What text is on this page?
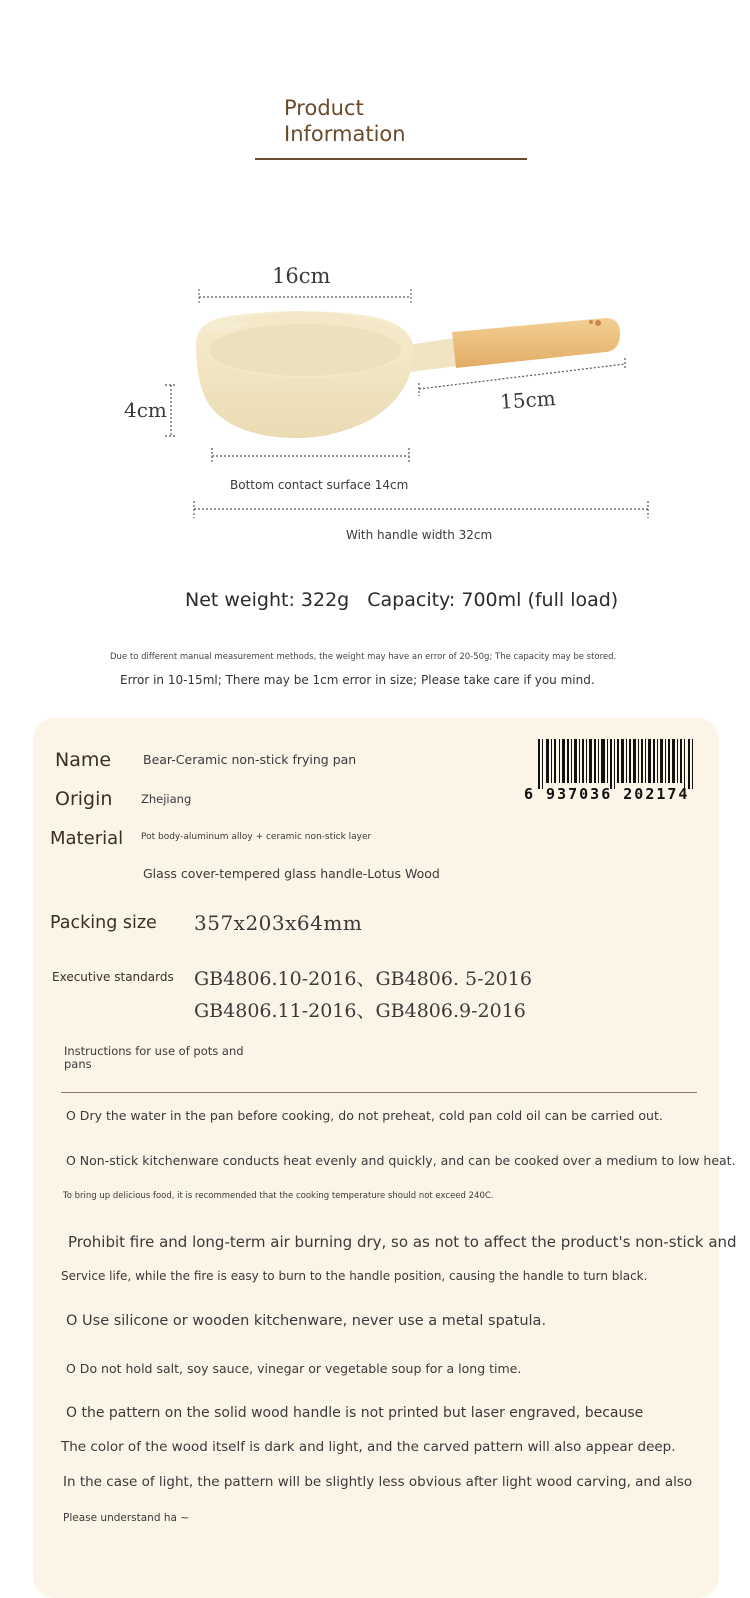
Product
Information
16cm
4cm	15cm
Bottom contact surface 14cm
With handle width 32cm
Net weight: 322g Capacity: 700ml (full load)
Due to different manual measurement methods, the weight may have an error of 20-50g; The capacity may be stored.
Error in 10-15ml; There may be 1cm error in size; Please take care if you mind.
Name	Bear-Ceramic non-stick frying pan
Origin Zhejiang
Material Pot body-aluminum alloy + ceramic non-stick layer
Glass cover-tempered glass handle-Lotus Wood
6 937036 202174
Packing size 357x203x64mm
Executive standards GB4806.10-2016、GB4806. 5-2016
GB4806.11-2016、GB4806.9-2016
Instructions for use of pots and pans
O Dry the water in the pan before cooking, do not preheat, cold pan cold oil can be carried out.
O Non-stick kitchenware conducts heat evenly and quickly, and can be cooked over a medium to low heat.
To bring up delicious food, it is recommended that the cooking temperature should not exceed 240C.
Prohibit fire and long-term air burning dry, so as not to affect the product's non-stick and
Service life, while the fire is easy to burn to the handle position, causing the handle to turn black.
O Use silicone or wooden kitchenware, never use a metal spatula.
O Do not hold salt, soy sauce, vinegar or vegetable soup for a long time.
O the pattern on the solid wood handle is not printed but laser engraved, because
The color of the wood itself is dark and light, and the carved pattern will also appear deep.
In the case of light, the pattern will be slightly less obvious after light wood carving, and also
Please understand ha ~
